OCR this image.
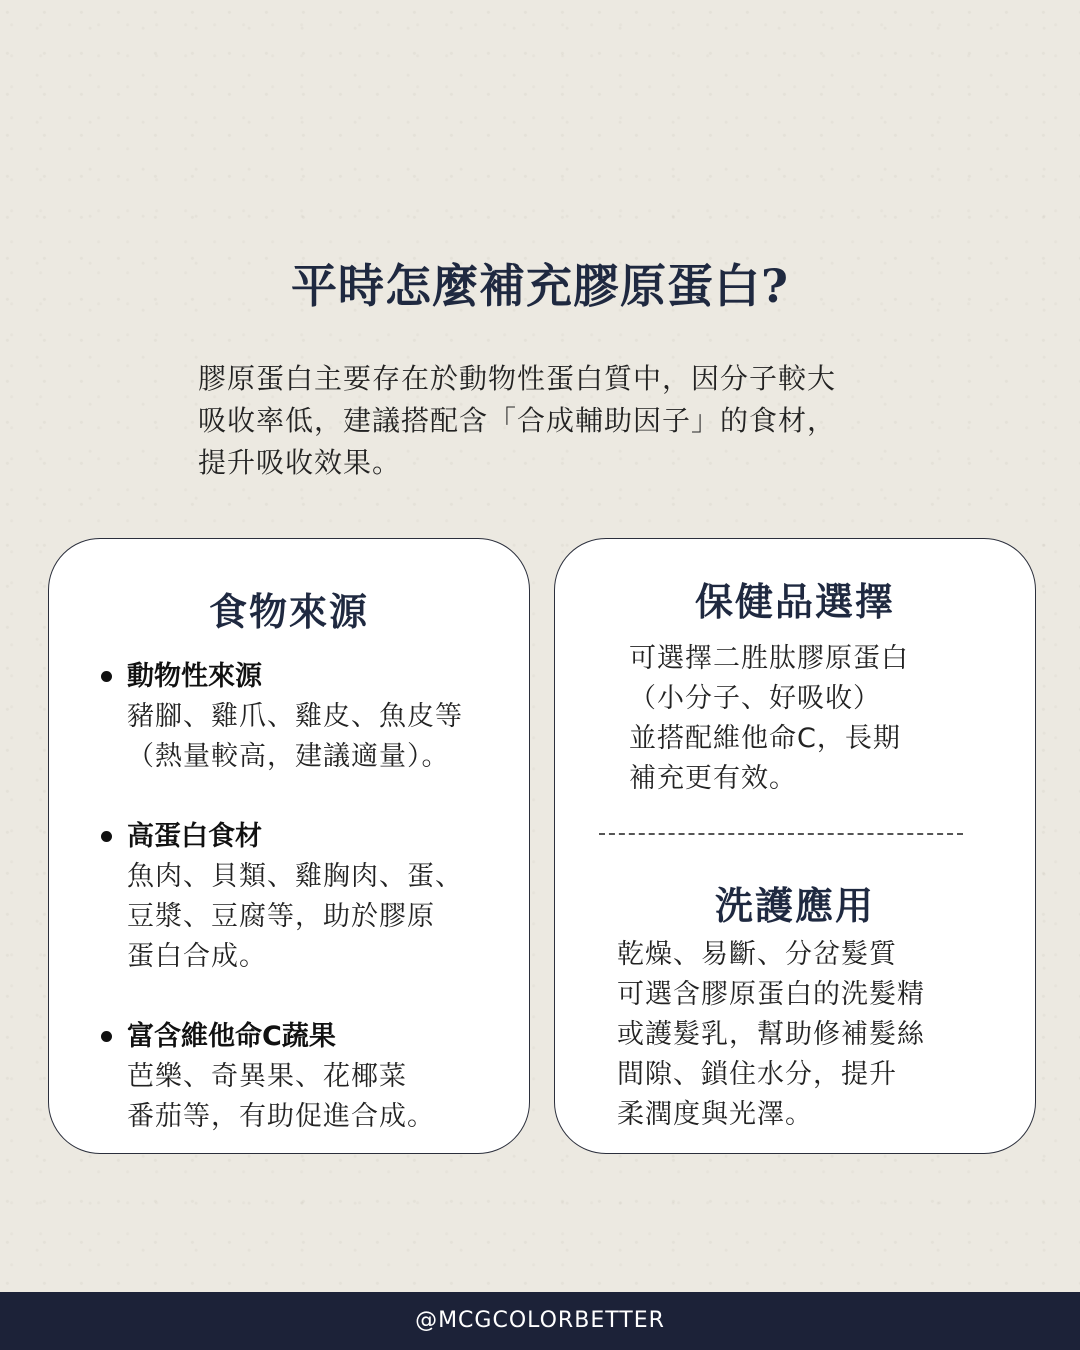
平時怎麼補充膠原蛋白?
膠原蛋白主要存在於動物性蛋白質中，因分子較大
吸收率低，建議搭配含「合成輔助因子」的食材，
提升吸收效果。
食物來源
動物性來源
豬腳、雞爪、雞皮、魚皮等
（熱量較高，建議適量）。
高蛋白食材
魚肉、貝類、雞胸肉、蛋、
豆漿、豆腐等，助於膠原
蛋白合成。
富含維他命C蔬果
芭樂、奇異果、花椰菜
番茄等，有助促進合成。
保健品選擇
可選擇二胜肽膠原蛋白
（小分子、好吸收）
並搭配維他命C，長期
補充更有效。
洗護應用
乾燥、易斷、分岔髮質
可選含膠原蛋白的洗髮精
或護髮乳，幫助修補髮絲
間隙、鎖住水分，提升
柔潤度與光澤。
@MCGCOLORBETTER
